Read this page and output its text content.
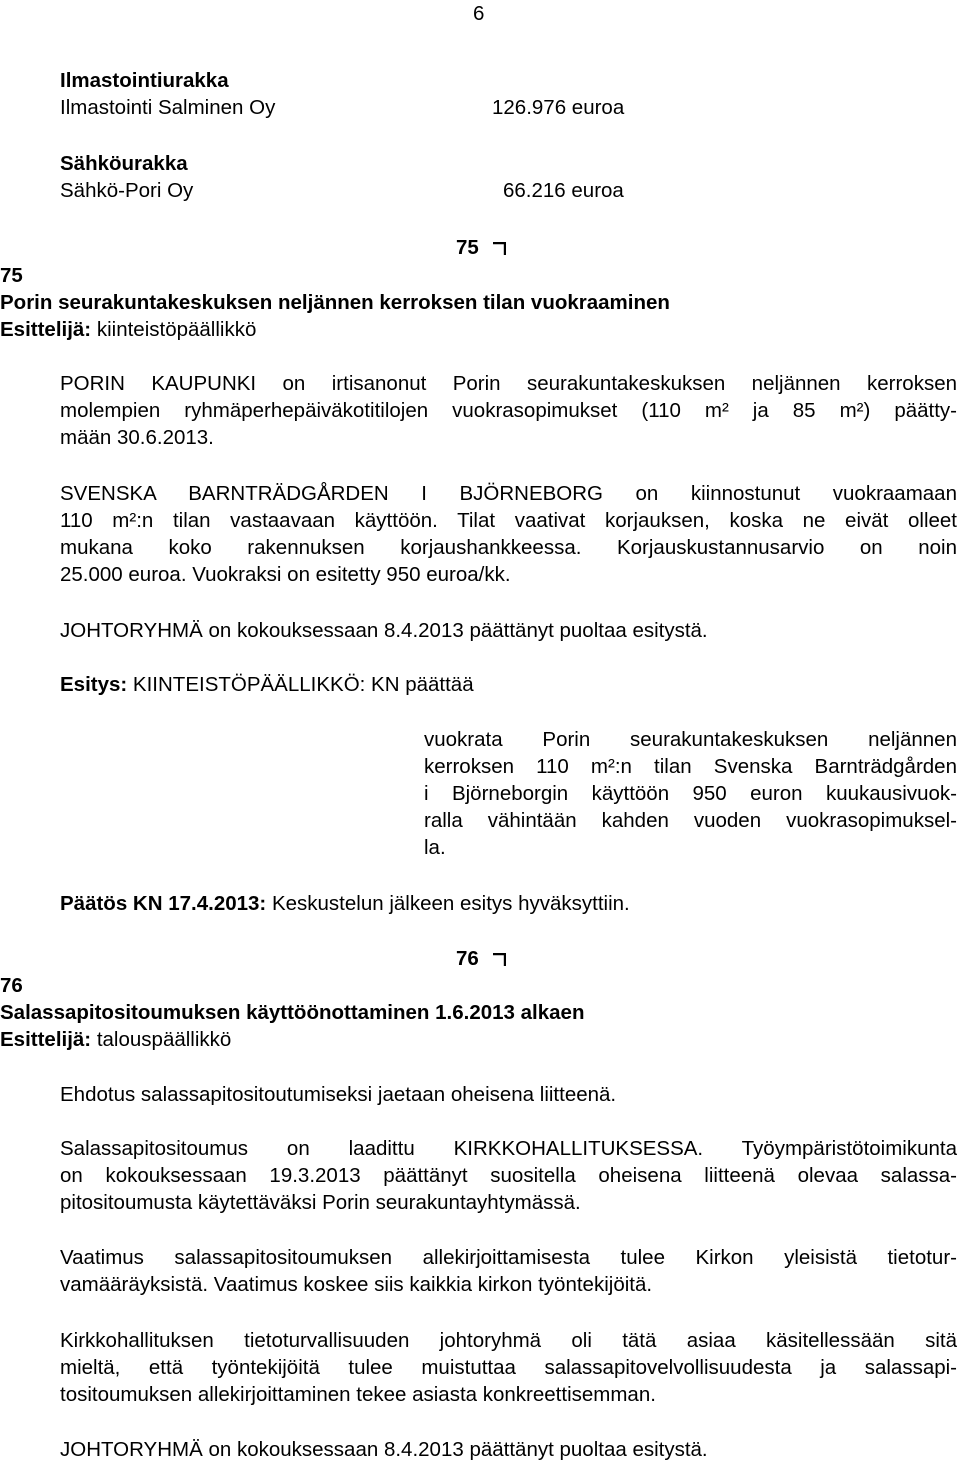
6
Ilmastointiurakka
Ilmastointi Salminen Oy	126.976 euroa
Sähköurakka
Sähkö-Pori Oy	66.216 euroa
75
75
Porin seurakuntakeskuksen neljännen kerroksen tilan vuokraaminen
Esittelijä: kiinteistöpäällikkö
PORIN KAUPUNKI on irtisanonut Porin seurakuntakeskuksen neljännen kerroksen
molempien ryhmäperhepäiväkotitilojen vuokrasopimukset (110 m² ja 85 m²) päätty-
mään 30.6.2013.
SVENSKA BARNTRÄDGÅRDEN I BJÖRNEBORG on kiinnostunut vuokraamaan
110 m²:n tilan vastaavaan käyttöön. Tilat vaativat korjauksen, koska ne eivät olleet
mukana koko rakennuksen korjaushankkeessa. Korjauskustannusarvio on noin
25.000 euroa. Vuokraksi on esitetty 950 euroa/kk.
JOHTORYHMÄ on kokouksessaan 8.4.2013 päättänyt puoltaa esitystä.
Esitys: KIINTEISTÖPÄÄLLIKKÖ: KN päättää
vuokrata Porin seurakuntakeskuksen neljännen
kerroksen 110 m²:n tilan Svenska Barnträdgården
i Björneborgin käyttöön 950 euron kuukausivuok-
ralla vähintään kahden vuoden vuokrasopimuksel-
la.
Päätös KN 17.4.2013: Keskustelun jälkeen esitys hyväksyttiin.
76
76
Salassapitositoumuksen käyttöönottaminen 1.6.2013 alkaen
Esittelijä: talouspäällikkö
Ehdotus salassapitositoutumiseksi jaetaan oheisena liitteenä.
Salassapitositoumus on laadittu KIRKKOHALLITUKSESSA. Työympäristötoimikunta
on kokouksessaan 19.3.2013 päättänyt suositella oheisena liitteenä olevaa salassa-
pitositoumusta käytettäväksi Porin seurakuntayhtymässä.
Vaatimus salassapitositoumuksen allekirjoittamisesta tulee Kirkon yleisistä tietotur-
vamääräyksistä. Vaatimus koskee siis kaikkia kirkon työntekijöitä.
Kirkkohallituksen tietoturvallisuuden johtoryhmä oli tätä asiaa käsitellessään sitä
mieltä, että työntekijöitä tulee muistuttaa salassapitovelvollisuudesta ja salassapi-
tositoumuksen allekirjoittaminen tekee asiasta konkreettisemman.
JOHTORYHMÄ on kokouksessaan 8.4.2013 päättänyt puoltaa esitystä.
